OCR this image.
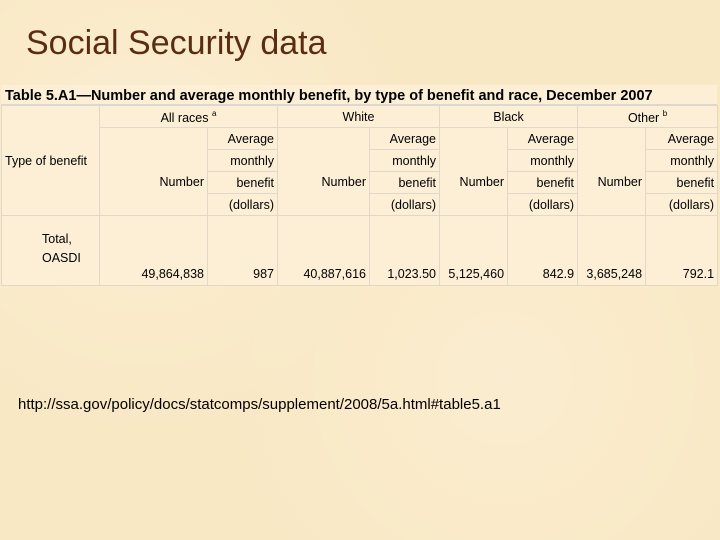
Social Security data
Table 5.A1—Number and average monthly benefit, by type of benefit and race, December 2007
Type of benefit	All races $^a$		White		Black		Other $^b$
	Number	Average	Number	Average	Number	Average	Number	Average
		monthly		monthly		monthly		monthly
		benefit		benefit		benefit		benefit
		(dollars)		(dollars)		(dollars)		(dollars)
Total,
OASDI	49,864,838	987	40,887,616	1,023.50	5,125,460	842.9	3,685,248	792.1
http://ssa.gov/policy/docs/statcomps/supplement/2008/5a.html#table5.a1
